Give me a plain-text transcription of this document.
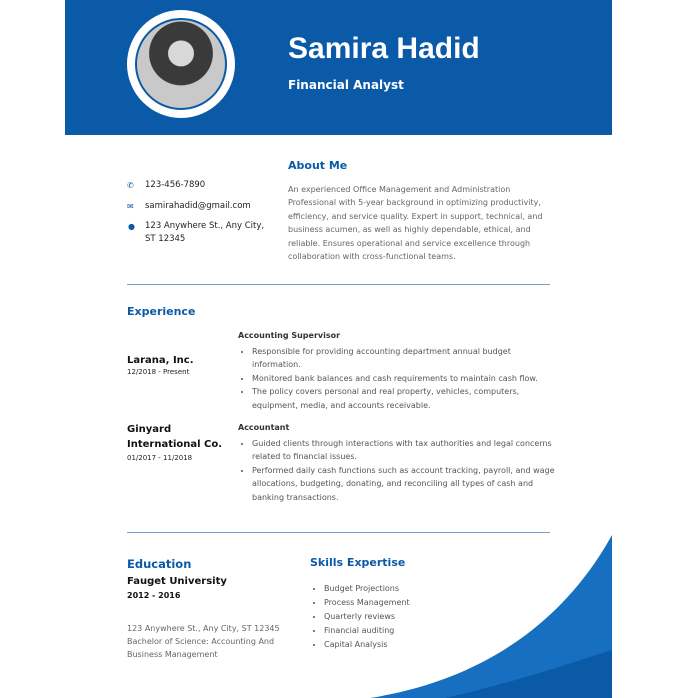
Samira Hadid
Financial Analyst
✆ 123-456-7890
✉ samirahadid@gmail.com
● 123 Anywhere St., Any City, ST 12345
About Me
An experienced Office Management and Administration Professional with 5-year background in optimizing productivity, efficiency, and service quality. Expert in support, technical, and business acumen, as well as highly dependable, ethical, and reliable. Ensures operational and service excellence through collaboration with cross-functional teams.
Experience
Larana, Inc.
12/2018 - Present
Accounting Supervisor
• Responsible for providing accounting department annual budget information.
• Monitored bank balances and cash requirements to maintain cash flow.
• The policy covers personal and real property, vehicles, computers, equipment, media, and accounts receivable.
Ginyard International Co.
01/2017 - 11/2018
Accountant
• Guided clients through interactions with tax authorities and legal concerns related to financial issues.
• Performed daily cash functions such as account tracking, payroll, and wage allocations, budgeting, donating, and reconciling all types of cash and banking transactions.
Education
Fauget University
2012 - 2016
123 Anywhere St., Any City, ST 12345
Bachelor of Science: Accounting And Business Management
Skills Expertise
• Budget Projections
• Process Management
• Quarterly reviews
• Financial auditing
• Capital Analysis
